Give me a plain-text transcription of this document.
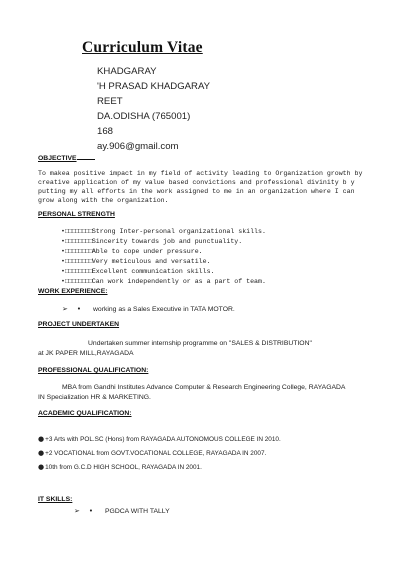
Curriculum Vitae
KHADGARAY
'H PRASAD KHADGARAY
REET
DA.ODISHA (765001)
168
ay.906@gmail.com
OBJECTIVE
To makea positive impact in my field of activity leading to Organization growth by creative application of my value based convictions and professional divinity b y putting my all efforts in the work assigned to me in an organization where I can grow along with the organization.
PERSONAL STRENGTH
•□□□□□□□□Strong Inter-personal organizational skills.
•□□□□□□□□Sincerity towards job and punctuality.
•□□□□□□□□Able to cope under pressure.
•□□□□□□□□Very meticulous and versatile.
•□□□□□□□□Excellent communication skills.
•□□□□□□□□Can work independently or as a part of team.
WORK EXPERIENCE:
➢ • working as a Sales Executive in TATA MOTOR.
PROJECT UNDERTAKEN
Undertaken summer internship programme on "SALES & DISTRIBUTION"
at JK PAPER MILL,RAYAGADA
PROFESSIONAL QUALIFICATION:
MBA from Gandhi Institutes Advance Computer & Research Engineering College, RAYAGADA
IN Specialization HR & MARKETING.
ACADEMIC QUALIFICATION:
●+3 Arts with POL.SC (Hons) from RAYAGADA AUTONOMOUS COLLEGE IN 2010.
●+2 VOCATIONAL from GOVT.VOCATIONAL COLLEGE, RAYAGADA IN 2007.
●10th from G.C.D HIGH SCHOOL, RAYAGADA IN 2001.
IT SKILLS:
➢ • PGDCA WITH TALLY
